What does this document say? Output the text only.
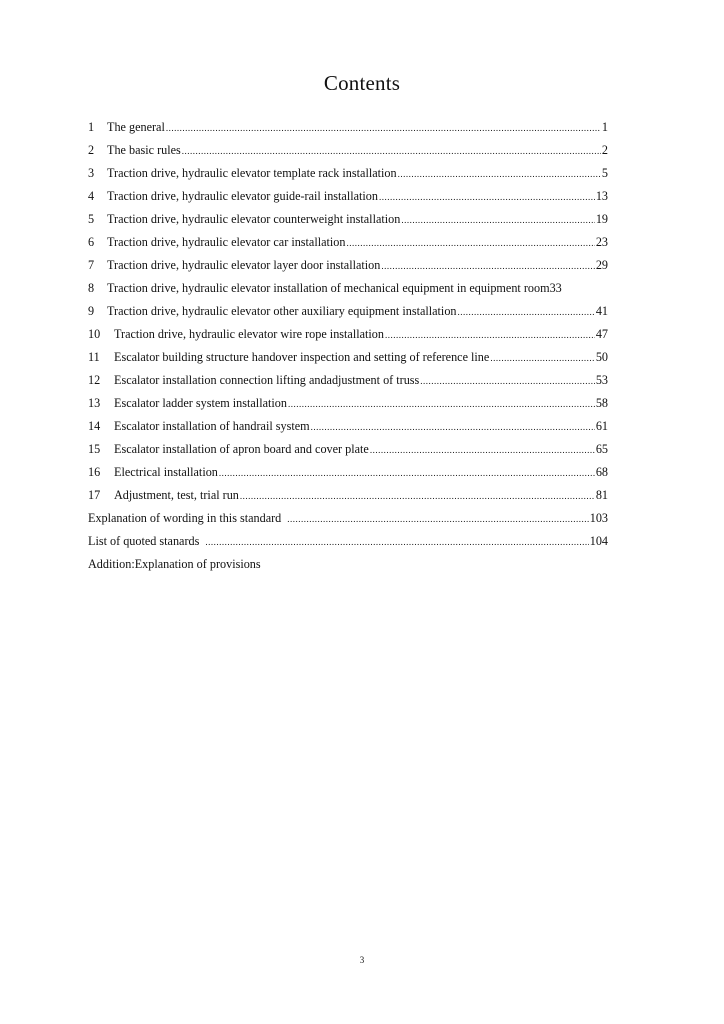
Contents
1	The general .....	1
2	The basic rules .....	2
3	Traction drive, hydraulic elevator template rack installation .....	5
4	Traction drive, hydraulic elevator guide-rail installation .....	13
5	Traction drive, hydraulic elevator counterweight installation .....	19
6	Traction drive, hydraulic elevator car installation .....	23
7	Traction drive, hydraulic elevator layer door installation .....	29
8	Traction drive, hydraulic elevator installation of mechanical equipment in equipment room 33
9	Traction drive, hydraulic elevator other auxiliary equipment installation .....	41
10	Traction drive, hydraulic elevator wire rope installation .....	47
11	Escalator building structure handover inspection and setting of reference line .....	50
12	Escalator installation connection lifting andadjustment of truss .....	53
13	Escalator ladder system installation .....	58
14	Escalator installation of handrail system .....	61
15	Escalator installation of apron board and cover plate .....	65
16	Electrical installation .....	68
17	Adjustment, test, trial run .....	81
Explanation of wording in this standard .....	103
List of quoted stanards .....	104
Addition:Explanation of provisions
3
